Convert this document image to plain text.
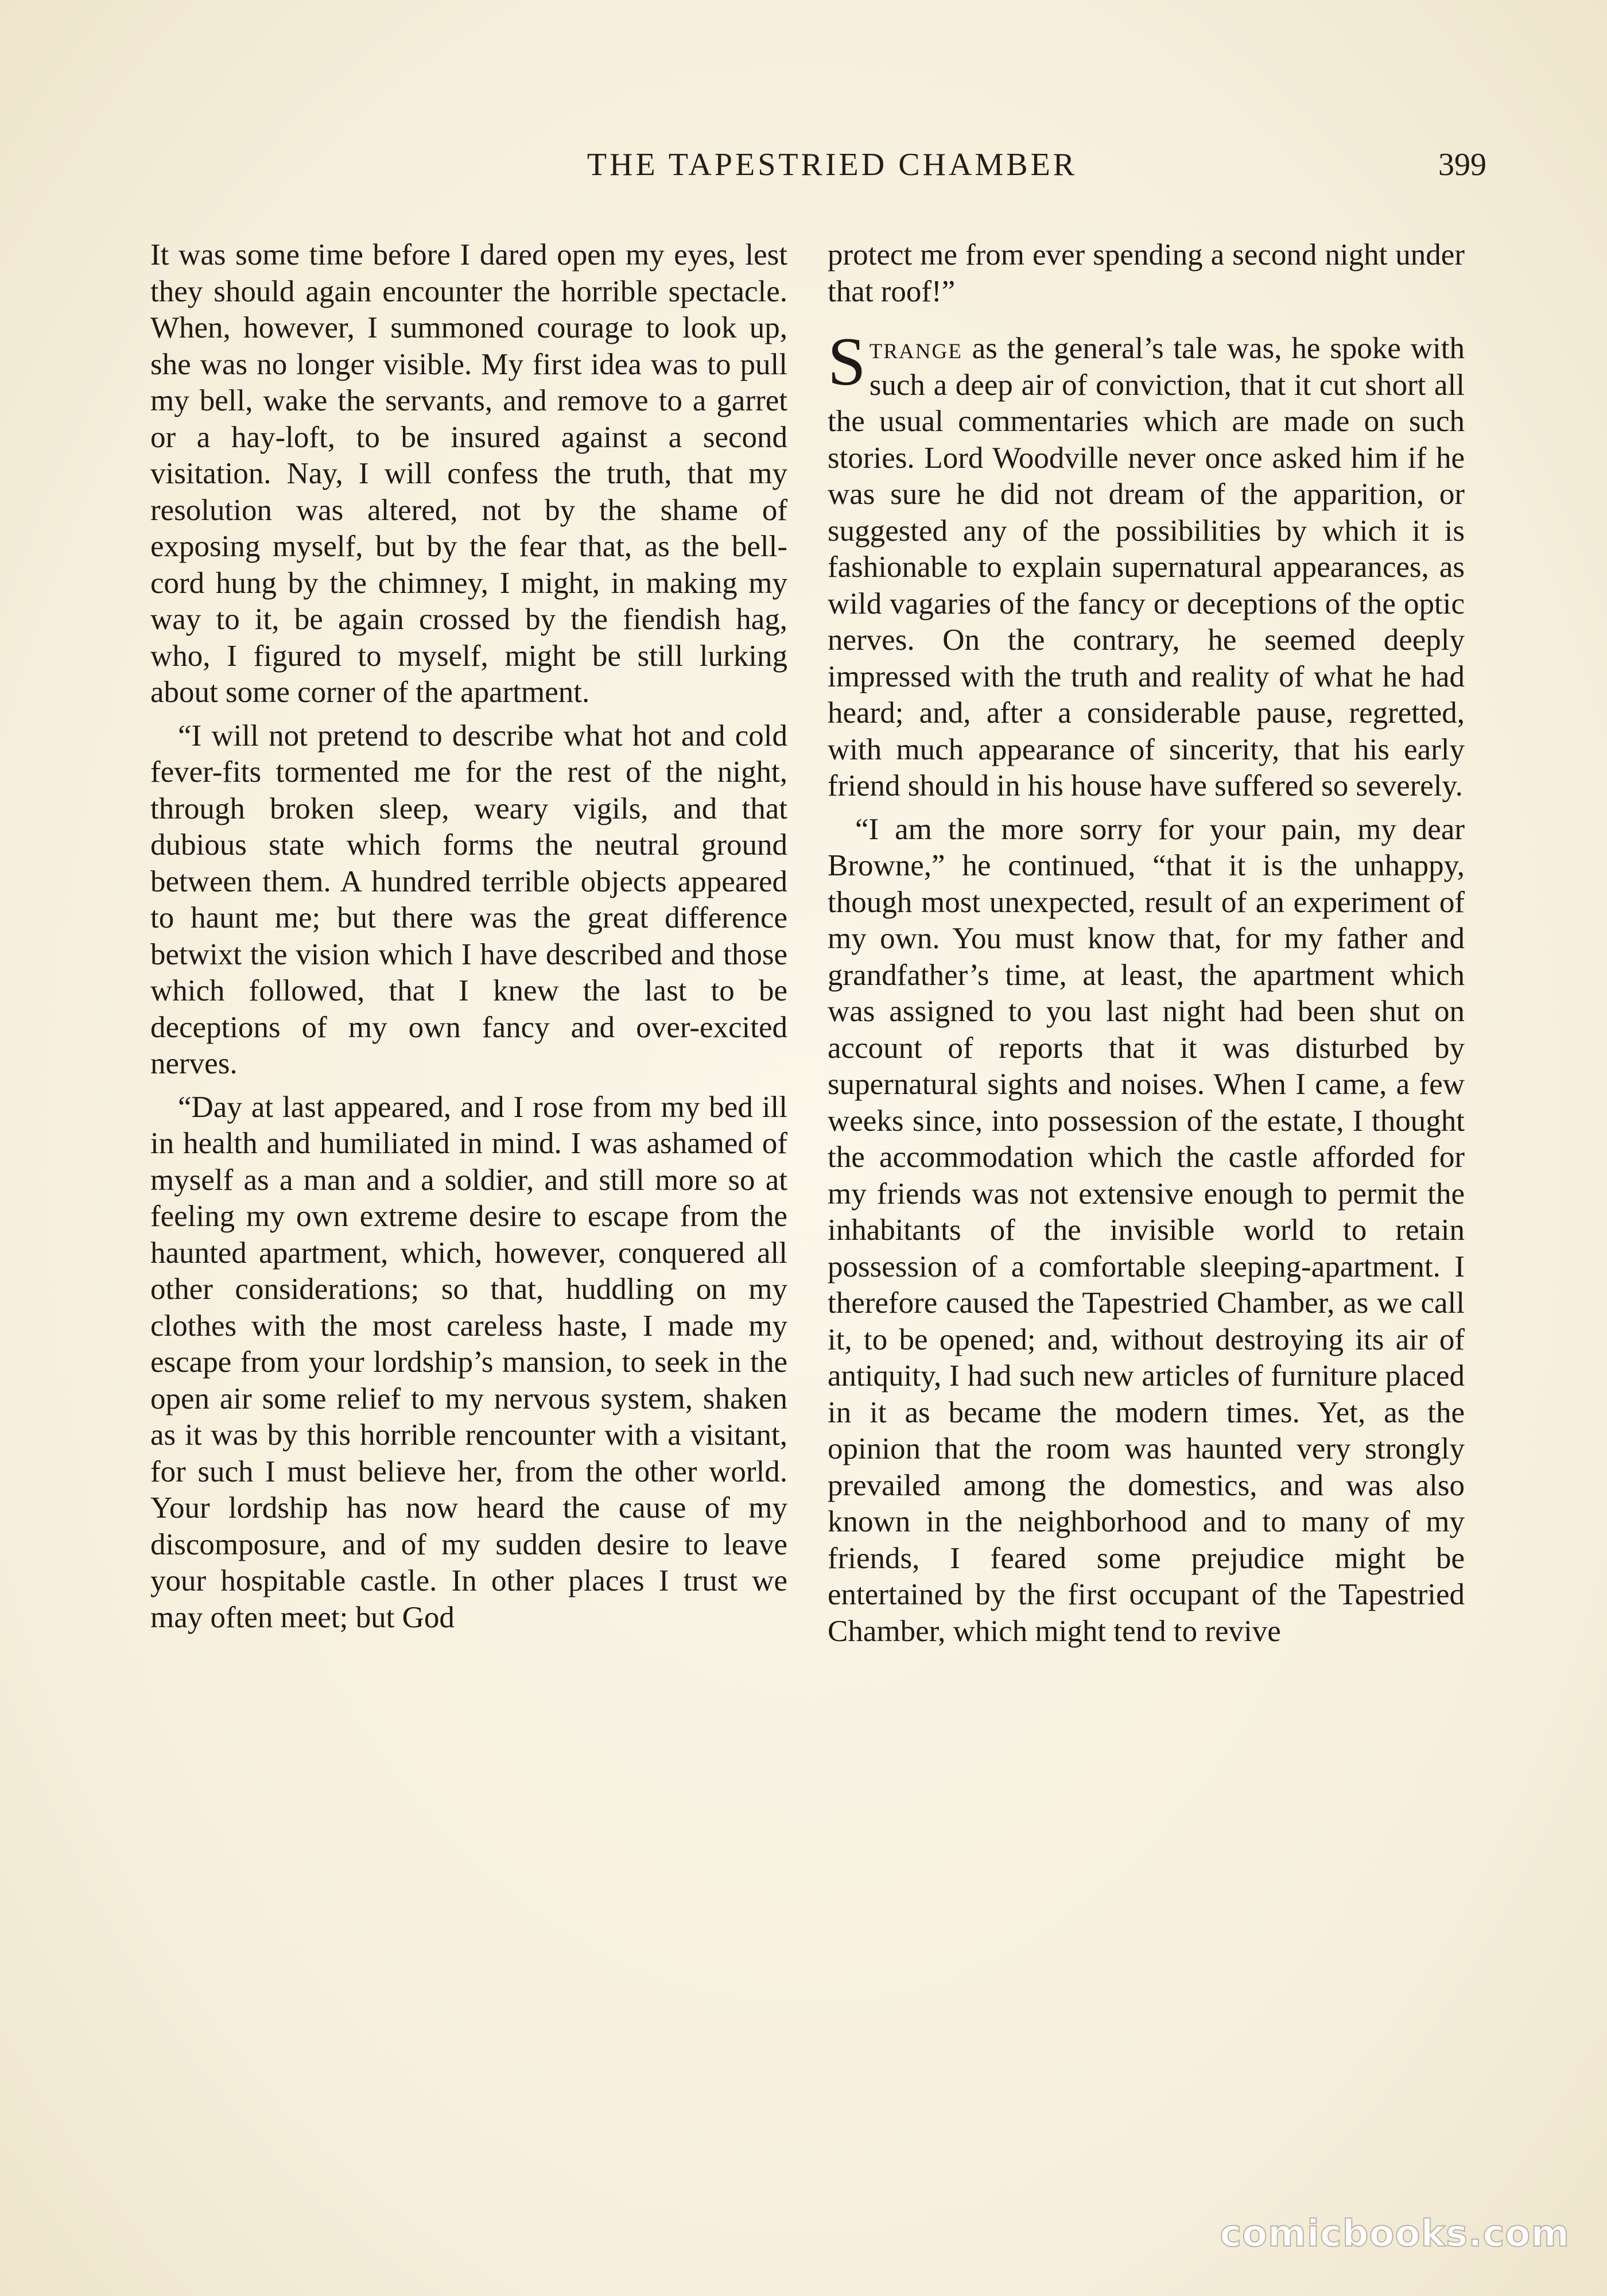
THE TAPESTRIED CHAMBER	399

It was some time before I dared open my eyes, lest they should again encounter the horrible spectacle. When, however, I summoned courage to look up, she was no longer visible. My first idea was to pull my bell, wake the servants, and remove to a garret or a hay-loft, to be insured against a second visitation. Nay, I will confess the truth, that my resolution was altered, not by the shame of exposing myself, but by the fear that, as the bell-cord hung by the chimney, I might, in making my way to it, be again crossed by the fiendish hag, who, I figured to myself, might be still lurking about some corner of the apartment.

“I will not pretend to describe what hot and cold fever-fits tormented me for the rest of the night, through broken sleep, weary vigils, and that dubious state which forms the neutral ground between them. A hundred terrible objects appeared to haunt me; but there was the great difference betwixt the vision which I have described and those which followed, that I knew the last to be deceptions of my own fancy and over-excited nerves.

“Day at last appeared, and I rose from my bed ill in health and humiliated in mind. I was ashamed of myself as a man and a soldier, and still more so at feeling my own extreme desire to escape from the haunted apartment, which, however, conquered all other considerations; so that, huddling on my clothes with the most careless haste, I made my escape from your lordship’s mansion, to seek in the open air some relief to my nervous system, shaken as it was by this horrible rencounter with a visitant, for such I must believe her, from the other world. Your lordship has now heard the cause of my discomposure, and of my sudden desire to leave your hospitable castle. In other places I trust we may often meet; but God

protect me from ever spending a second night under that roof!”

Strange as the general’s tale was, he spoke with such a deep air of conviction, that it cut short all the usual commentaries which are made on such stories. Lord Woodville never once asked him if he was sure he did not dream of the apparition, or suggested any of the possibilities by which it is fashionable to explain supernatural appearances, as wild vagaries of the fancy or deceptions of the optic nerves. On the contrary, he seemed deeply impressed with the truth and reality of what he had heard; and, after a considerable pause, regretted, with much appearance of sincerity, that his early friend should in his house have suffered so severely.

“I am the more sorry for your pain, my dear Browne,” he continued, “that it is the unhappy, though most unexpected, result of an experiment of my own. You must know that, for my father and grandfather’s time, at least, the apartment which was assigned to you last night had been shut on account of reports that it was disturbed by supernatural sights and noises. When I came, a few weeks since, into possession of the estate, I thought the accommodation which the castle afforded for my friends was not extensive enough to permit the inhabitants of the invisible world to retain possession of a comfortable sleeping-apartment. I therefore caused the Tapestried Chamber, as we call it, to be opened; and, without destroying its air of antiquity, I had such new articles of furniture placed in it as became the modern times. Yet, as the opinion that the room was haunted very strongly prevailed among the domestics, and was also known in the neighborhood and to many of my friends, I feared some prejudice might be entertained by the first occupant of the Tapestried Chamber, which might tend to revive

comicbooks.com
